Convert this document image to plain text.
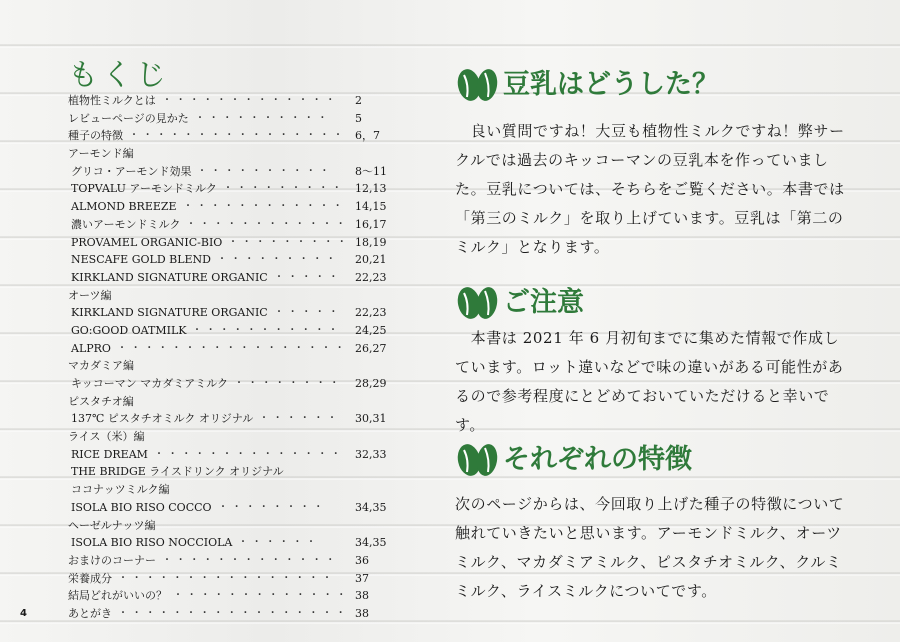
もくじ
植物性ミルクとは ・・・・・・・・・・・・・ 2
レビューページの見かた ・・・・・・・・・・ 5
種子の特徴 ・・・・・・・・・・・・・・・・ 6，7
アーモンド編
グリコ・アーモンド効果 ・・・・・・・・・・ 8～11
TOPVALU アーモンドミルク ・・・・・・・・・ 12,13
ALMOND BREEZE ・・・・・・・・・・・・ 14,15
濃いアーモンドミルク ・・・・・・・・・・・・ 16,17
PROVAMEL ORGANIC-BIO ・・・・・・・・・ 18,19
NESCAFE GOLD BLEND ・・・・・・・・・ 20,21
KIRKLAND SIGNATURE ORGANIC ・・・・・ 22,23
オーツ編
KIRKLAND SIGNATURE ORGANIC ・・・・・ 22,23
GO:GOOD OATMILK ・・・・・・・・・・・ 24,25
ALPRO ・・・・・・・・・・・・・・・・・ 26,27
マカダミア編
キッコーマン マカダミアミルク ・・・・・・・・ 28,29
ピスタチオ編
137℃ ピスタチオミルク オリジナル ・・・・・・ 30,31
ライス（米）編
RICE DREAM ・・・・・・・・・・・・・・ 32,33
THE BRIDGE ライスドリンク オリジナル
ココナッツミルク編
ISOLA BIO RISO COCCO ・・・・・・・・	34,35
ヘーゼルナッツ編
ISOLA BIO RISO NOCCIOLA ・・・・・・	34,35
おまけのコーナー ・・・・・・・・・・・・・ 36
栄養成分 ・・・・・・・・・・・・・・・・ 37
結局どれがいいの？ ・・・・・・・・・・・・・ 38
あとがき ・・・・・・・・・・・・・・・・・ 38
豆乳はどうした？

　良い質問ですね！大豆も植物性ミルクですね！弊サークルでは過去のキッコーマンの豆乳本を作っていました。豆乳については、そちらをご覧ください。本書では「第三のミルク」を取り上げています。豆乳は「第二のミルク」となります。

ご注意

　本書は 2021 年 6 月初旬までに集めた情報で作成しています。ロット違いなどで味の違いがある可能性があるので参考程度にとどめておいていただけると幸いです。

それぞれの特徴

次のページからは、今回取り上げた種子の特徴について触れていきたいと思います。アーモンドミルク、オーツミルク、マカダミアミルク、ピスタチオミルク、クルミミルク、ライスミルクについてです。

4
